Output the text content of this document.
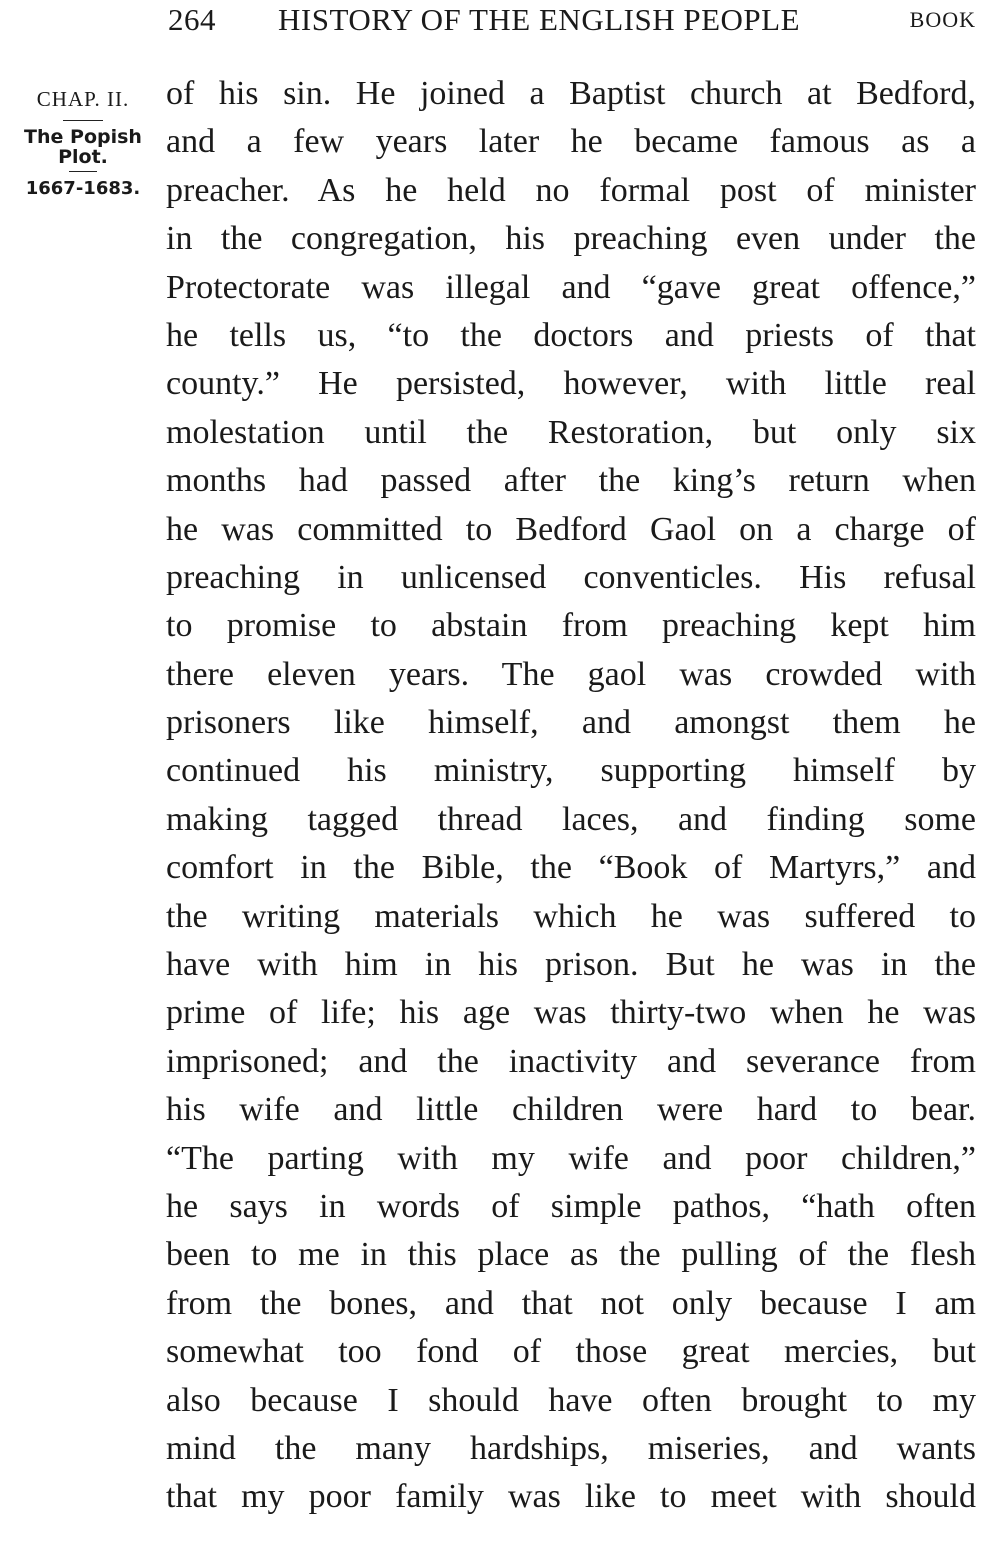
264 HISTORY OF THE ENGLISH PEOPLE	BOOK
CHAP. II.
The Popish
Plot.
1667-1683.
of his sin. He joined a Baptist church at Bedford,
and a few years later he became famous as a
preacher. As he held no formal post of minister
in the congregation, his preaching even under the
Protectorate was illegal and “gave great offence,”
he tells us, “to the doctors and priests of that
county.” He persisted, however, with little real
molestation until the Restoration, but only six
months had passed after the king’s return when
he was committed to Bedford Gaol on a charge of
preaching in unlicensed conventicles. His refusal
to promise to abstain from preaching kept him
there eleven years. The gaol was crowded with
prisoners like himself, and amongst them he
continued his ministry, supporting himself by
making tagged thread laces, and finding some
comfort in the Bible, the “Book of Martyrs,” and
the writing materials which he was suffered to
have with him in his prison. But he was in the
prime of life; his age was thirty-two when he was
imprisoned; and the inactivity and severance from
his wife and little children were hard to bear.
“The parting with my wife and poor children,”
he says in words of simple pathos, “hath often
been to me in this place as the pulling of the flesh
from the bones, and that not only because I am
somewhat too fond of those great mercies, but
also because I should have often brought to my
mind the many hardships, miseries, and wants
that my poor family was like to meet with should
